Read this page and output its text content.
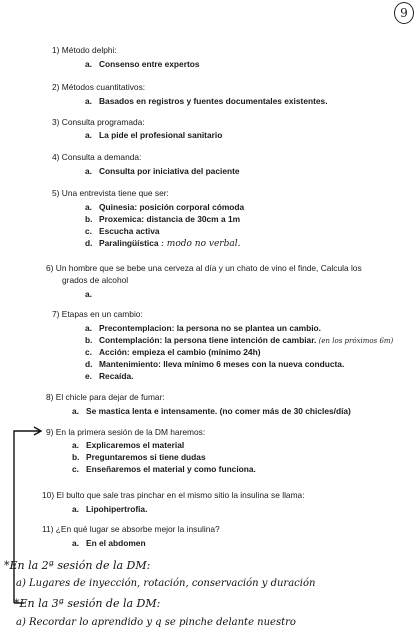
9
1) Método delphi:
a. Consenso entre expertos
2) Métodos cuantitativos:
a. Basados en registros y fuentes documentales existentes.
3) Consulta programada:
a. La pide el profesional sanitario
4) Consulta a demanda:
a. Consulta por iniciativa del paciente
5) Una entrevista tiene que ser:
a. Quinesia: posición corporal cómoda
b. Proxemica: distancia de 30cm a 1m
c. Escucha activa
d. Paralingüística : modo no verbal.
6) Un hombre que se bebe una cerveza al día y un chato de vino el finde, Calcula los
grados de alcohol
a.
7) Etapas en un cambio:
a. Precontemplacion: la persona no se plantea un cambio.
b. Contemplación: la persona tiene intención de cambiar. (en los próximos 6m)
c. Acción: empieza el cambio (mínimo 24h)
d. Mantenimiento: lleva mínimo 6 meses con la nueva conducta.
e. Recaída.
8) El chicle para dejar de fumar:
a. Se mastica lenta e intensamente. (no comer más de 30 chicles/día)
9) En la primera sesión de la DM haremos:
a. Explicaremos el material
b. Preguntaremos si tiene dudas
c. Enseñaremos el material y como funciona.
10) El bulto que sale tras pinchar en el mismo sitio la insulina se llama:
a. Lipohipertrofia.
11) ¿En qué lugar se absorbe mejor la insulina?
a. En el abdomen
*En la 2ª sesión de la DM:
a) Lugares de inyección, rotación, conservación y duración
*En la 3ª sesión de la DM:
a) Recordar lo aprendido y q se pinche delante nuestro
